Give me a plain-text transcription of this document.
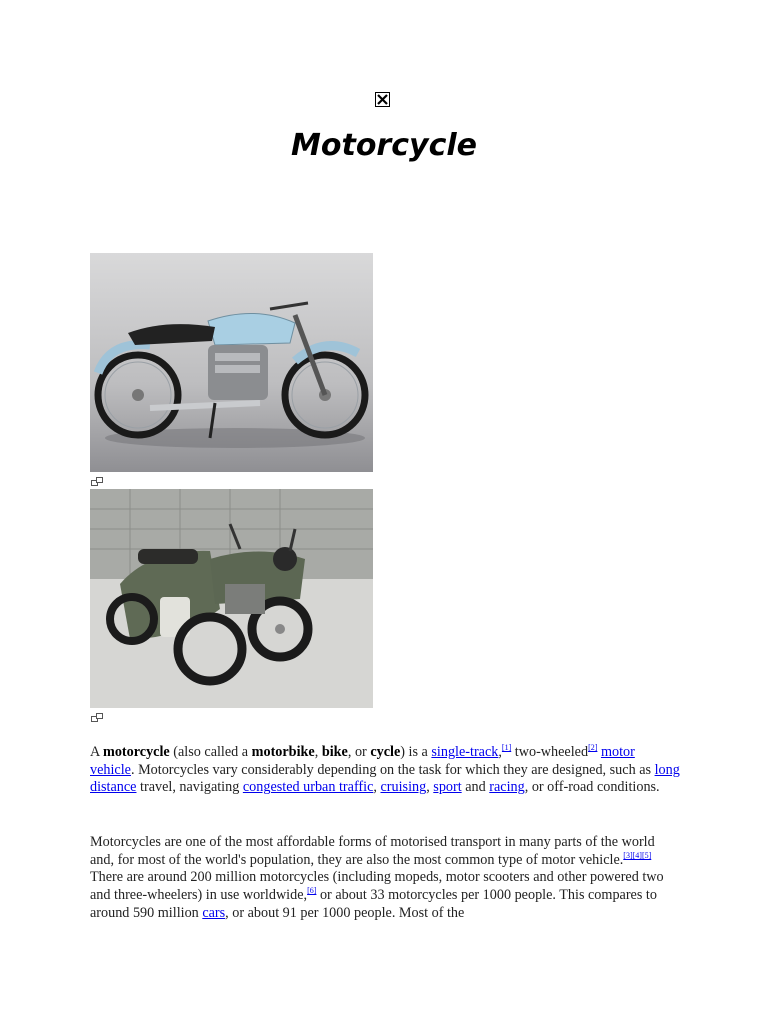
Motorcycle

A motorcycle (also called a motorbike, bike, or cycle) is a single-track,[1] two-wheeled[2] motor vehicle. Motorcycles vary considerably depending on the task for which they are designed, such as long distance travel, navigating congested urban traffic, cruising, sport and racing, or off-road conditions.

Motorcycles are one of the most affordable forms of motorised transport in many parts of the world and, for most of the world's population, they are also the most common type of motor vehicle.[3][4][5] There are around 200 million motorcycles (including mopeds, motor scooters and other powered two and three-wheelers) in use worldwide,[6] or about 33 motorcycles per 1000 people. This compares to around 590 million cars, or about 91 per 1000 people. Most of the
